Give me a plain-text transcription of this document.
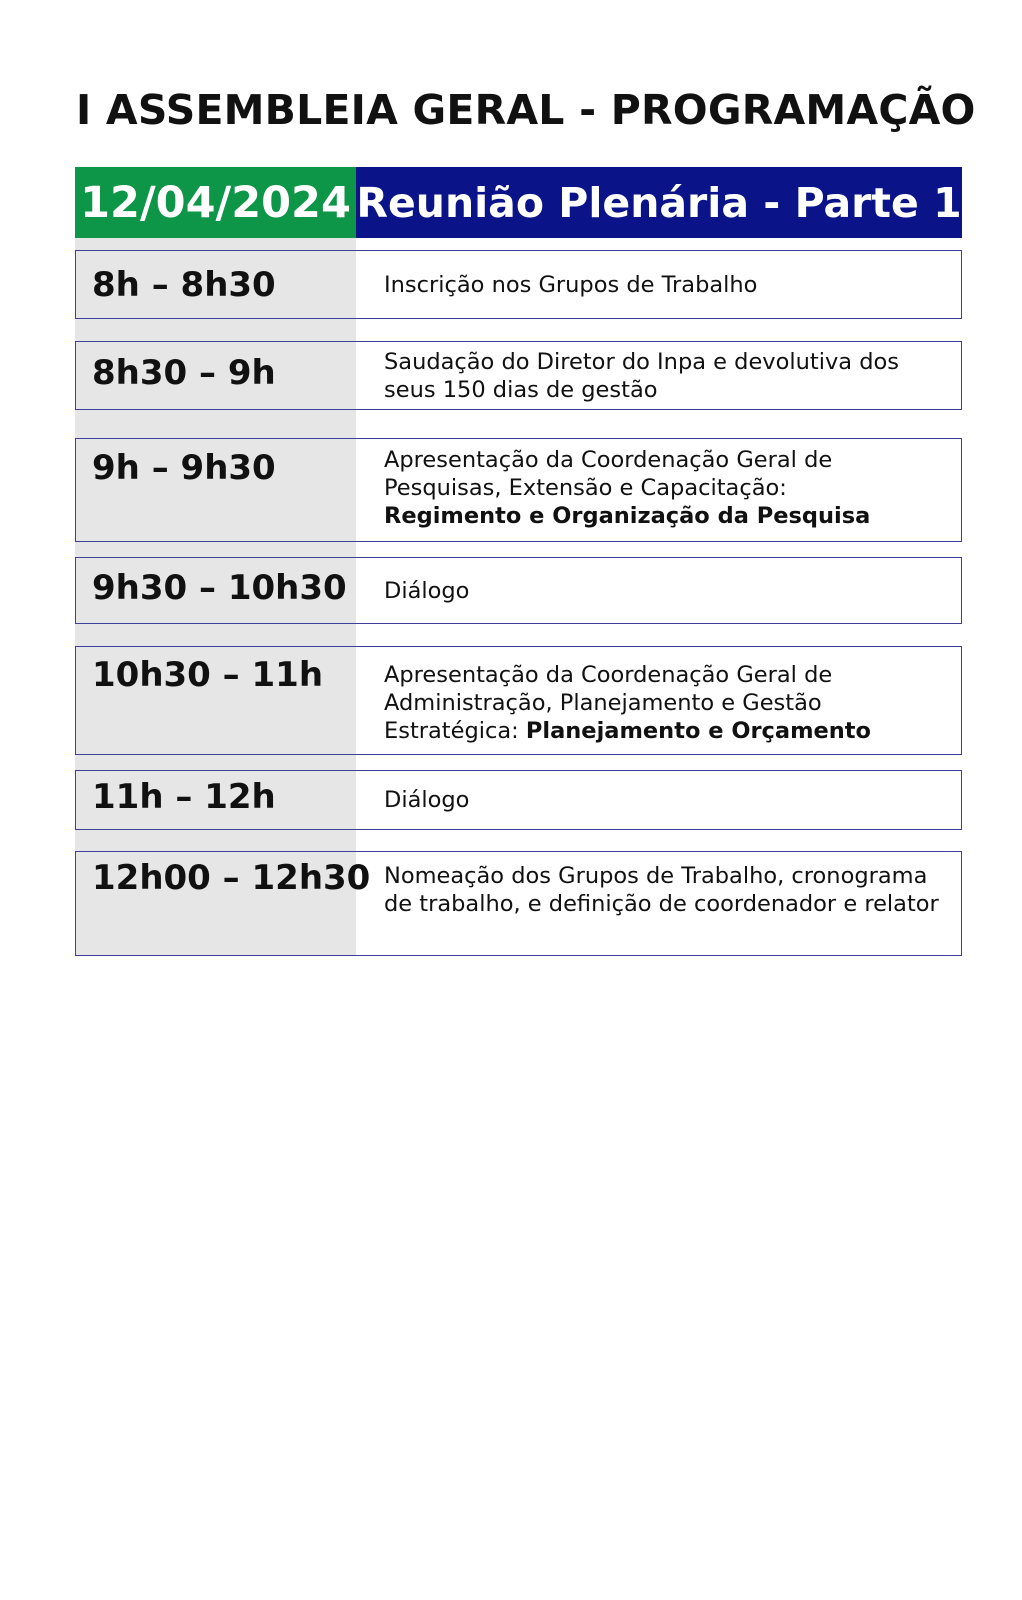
I ASSEMBLEIA GERAL - PROGRAMAÇÃO
12/04/2024 Reunião Plenária - Parte 1
8h – 8h30	Inscrição nos Grupos de Trabalho
8h30 – 9h	Saudação do Diretor do Inpa e devolutiva dos seus 150 dias de gestão
9h – 9h30	Apresentação da Coordenação Geral de Pesquisas, Extensão e Capacitação:
Regimento e Organização da Pesquisa
9h30 – 10h30 Diálogo
10h30 – 11h	Apresentação da Coordenação Geral de Administração, Planejamento e Gestão Estratégica: Planejamento e Orçamento
11h – 12h	Diálogo
12h00 – 12h30 Nomeação dos Grupos de Trabalho, cronograma de trabalho, e definição de coordenador e relator
